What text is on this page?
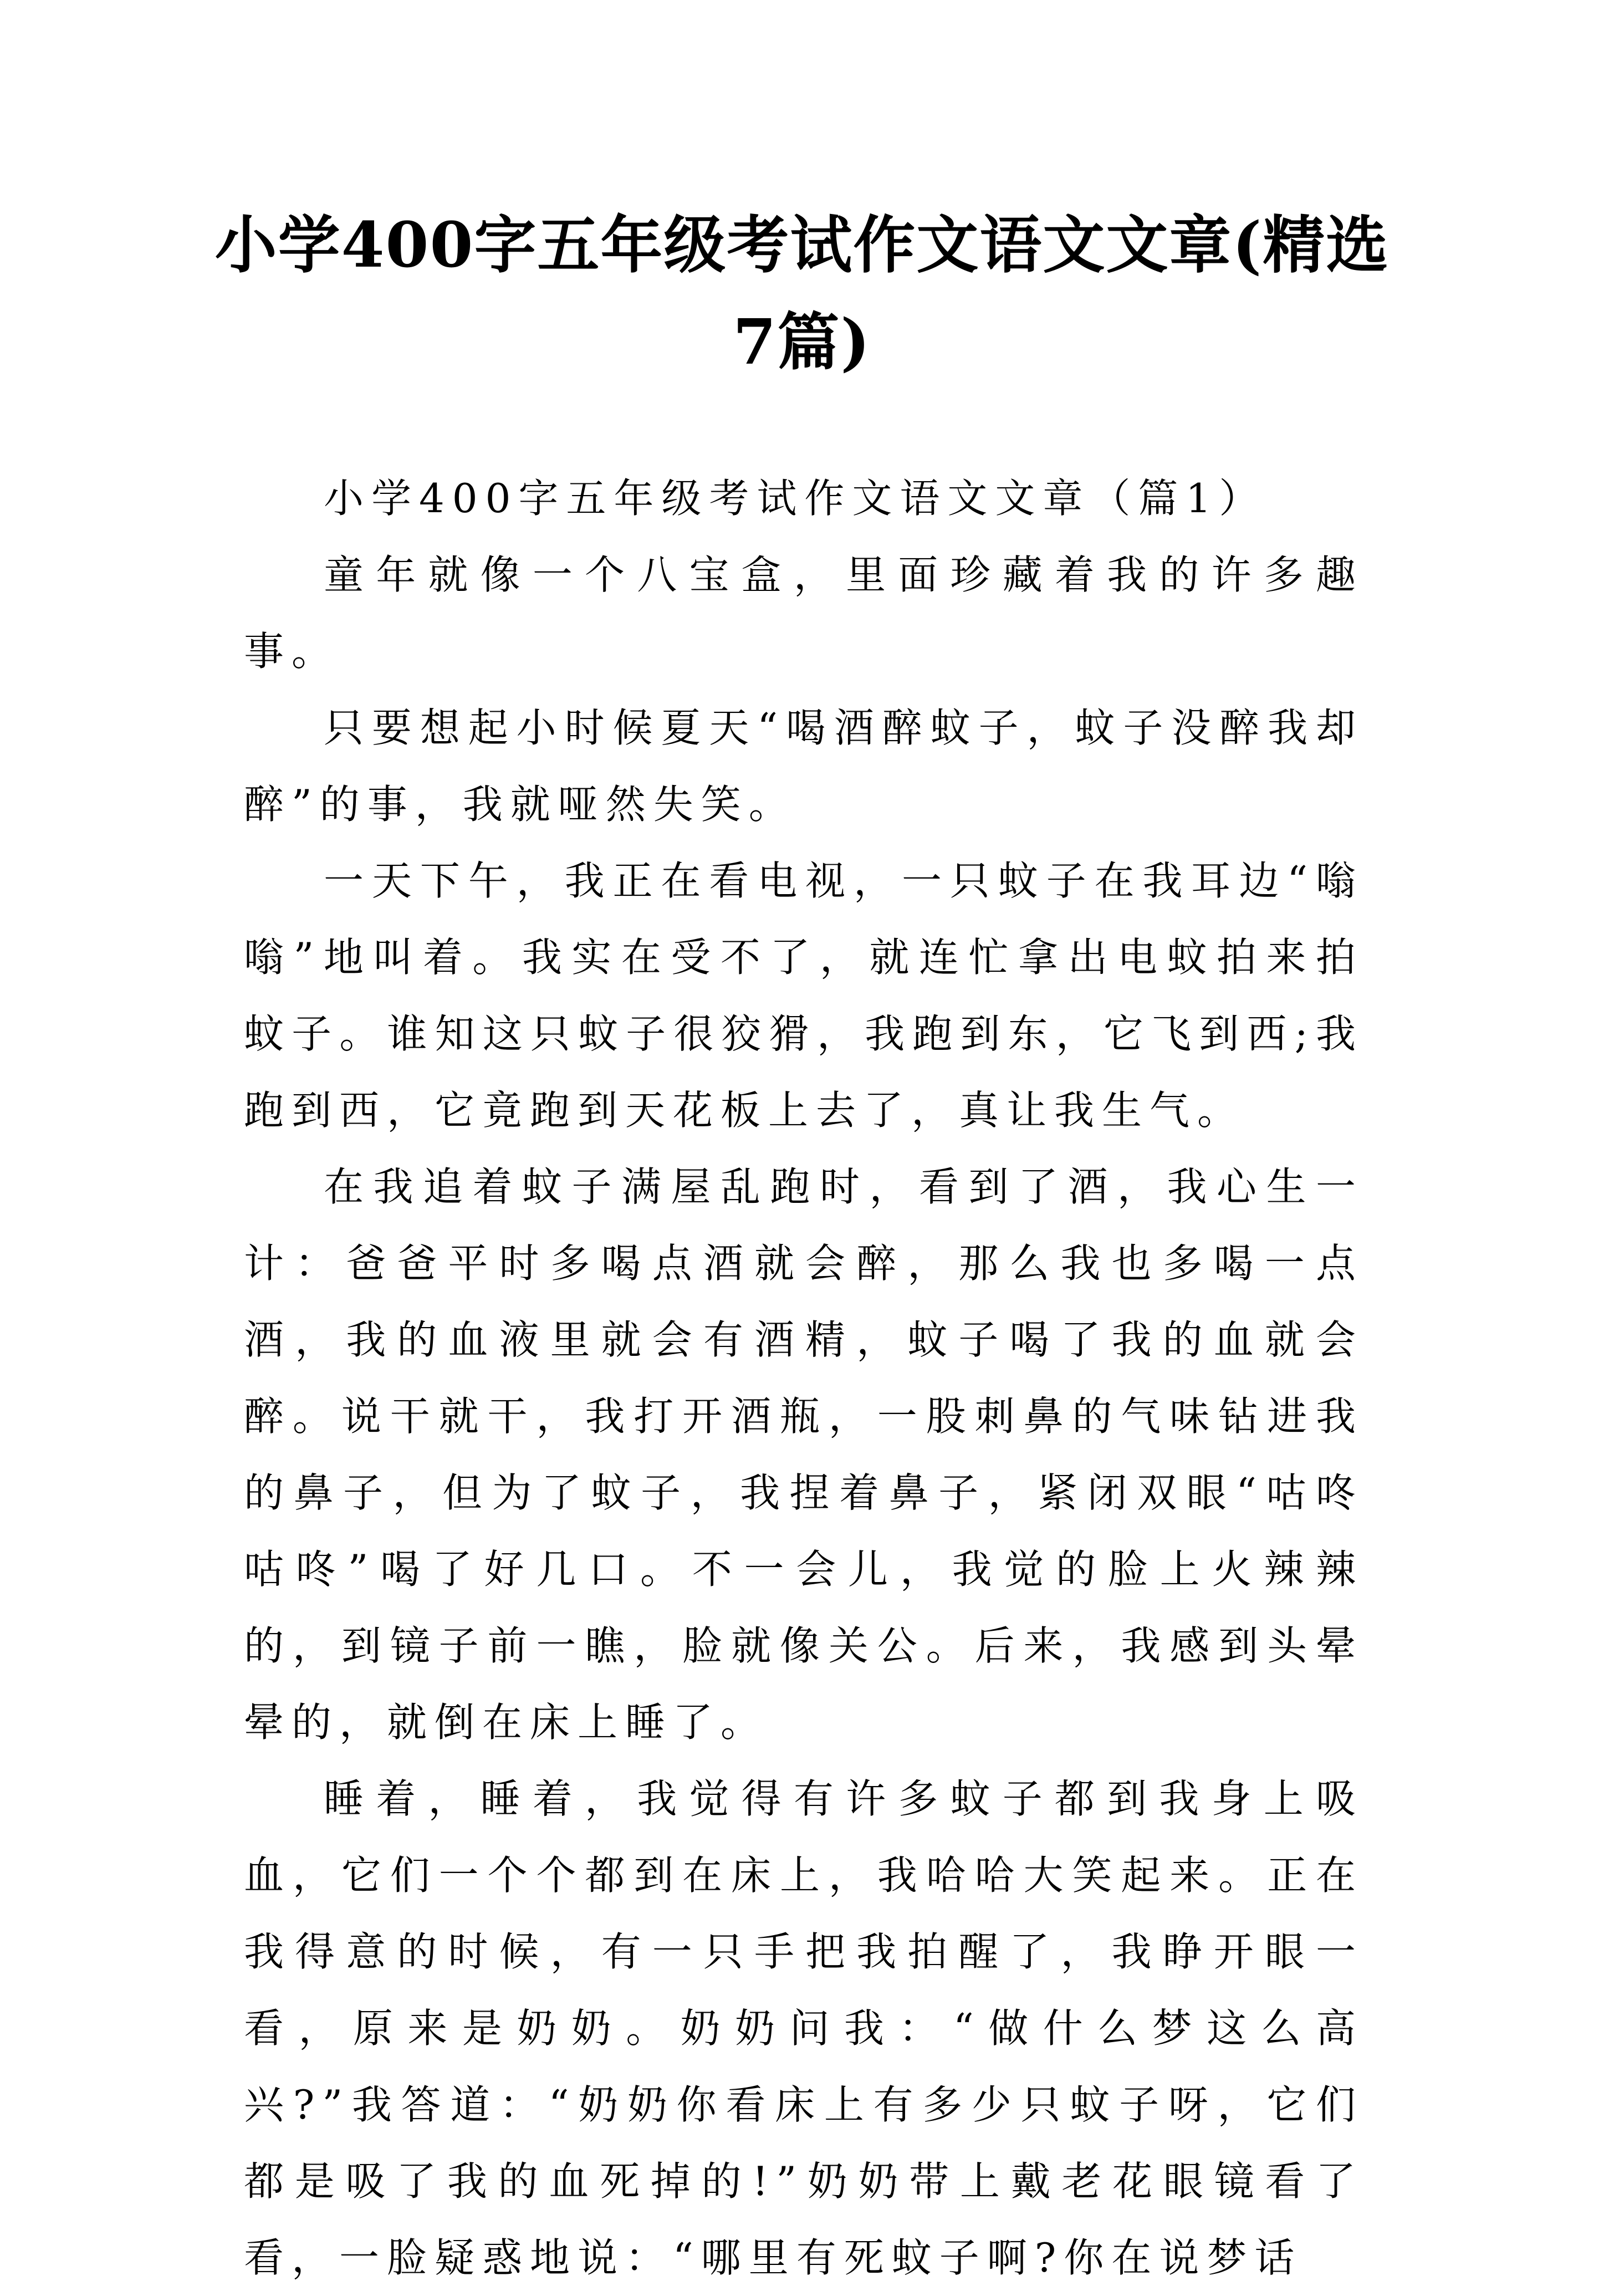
小学400字五年级考试作文语文文章(精选7篇)

小学400字五年级考试作文语文文章（篇1）

童年就像一个八宝盒，里面珍藏着我的许多趣事。

只要想起小时候夏天“喝酒醉蚊子，蚊子没醉我却醉”的事，我就哑然失笑。

一天下午，我正在看电视，一只蚊子在我耳边“嗡嗡”地叫着。我实在受不了，就连忙拿出电蚊拍来拍蚊子。谁知这只蚊子很狡猾，我跑到东，它飞到西;我跑到西，它竟跑到天花板上去了，真让我生气。

在我追着蚊子满屋乱跑时，看到了酒，我心生一计：爸爸平时多喝点酒就会醉，那么我也多喝一点酒，我的血液里就会有酒精，蚊子喝了我的血就会醉。说干就干，我打开酒瓶，一股刺鼻的气味钻进我的鼻子，但为了蚊子，我捏着鼻子，紧闭双眼“咕咚咕咚”喝了好几口。不一会儿，我觉的脸上火辣辣的，到镜子前一瞧，脸就像关公。后来，我感到头晕晕的，就倒在床上睡了。

睡着，睡着，我觉得有许多蚊子都到我身上吸血，它们一个个都到在床上，我哈哈大笑起来。正在我得意的时候，有一只手把我拍醒了，我睁开眼一看，原来是奶奶。奶奶问我：“做什么梦这么高兴?”我答道：“奶奶你看床上有多少只蚊子呀，它们都是吸了我的血死掉的!”奶奶带上戴老花眼镜看了看，一脸疑惑地说：“哪里有死蚊子啊?你在说梦话
